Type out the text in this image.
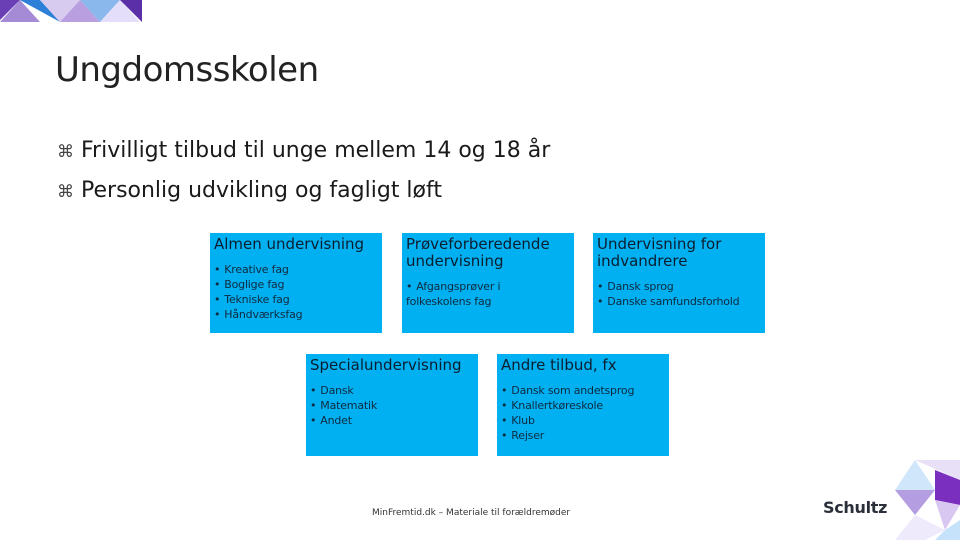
Ungdomsskolen
⌘ Frivilligt tilbud til unge mellem 14 og 18 år
⌘ Personlig udvikling og fagligt løft
Almen undervisning
• Kreative fag
• Boglige fag
• Tekniske fag
• Håndværksfag
Prøveforberedende undervisning
• Afgangsprøver i folkeskolens fag
Undervisning for indvandrere
• Dansk sprog
• Danske samfundsforhold
Specialundervisning
• Dansk
• Matematik
• Andet
Andre tilbud, fx
• Dansk som andetsprog
• Knallertkøreskole
• Klub
• Rejser
MinFremtid.dk – Materiale til forældremøder	Schultz
